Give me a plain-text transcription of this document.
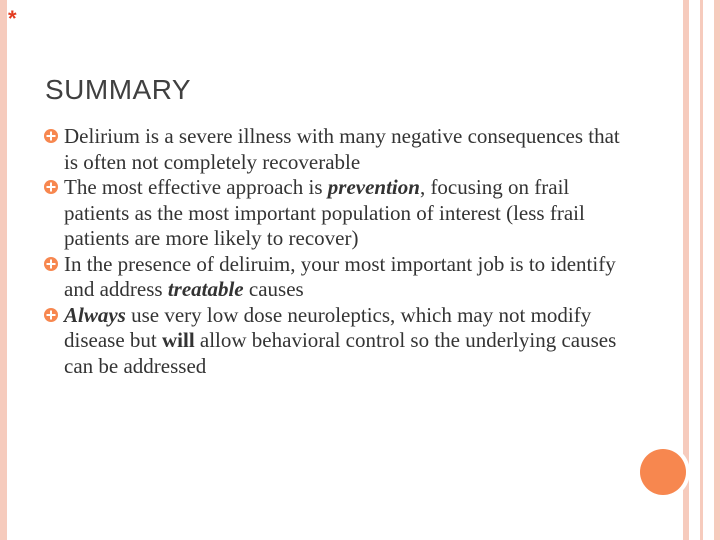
*
SUMMARY
Delirium is a severe illness with many negative consequences that is often not completely recoverable
The most effective approach is prevention, focusing on frail patients as the most important population of interest (less frail patients are more likely to recover)
In the presence of deliruim, your most important job is to identify and address treatable causes
Always use very low dose neuroleptics, which may not modify disease but will allow behavioral control so the underlying causes can be addressed
